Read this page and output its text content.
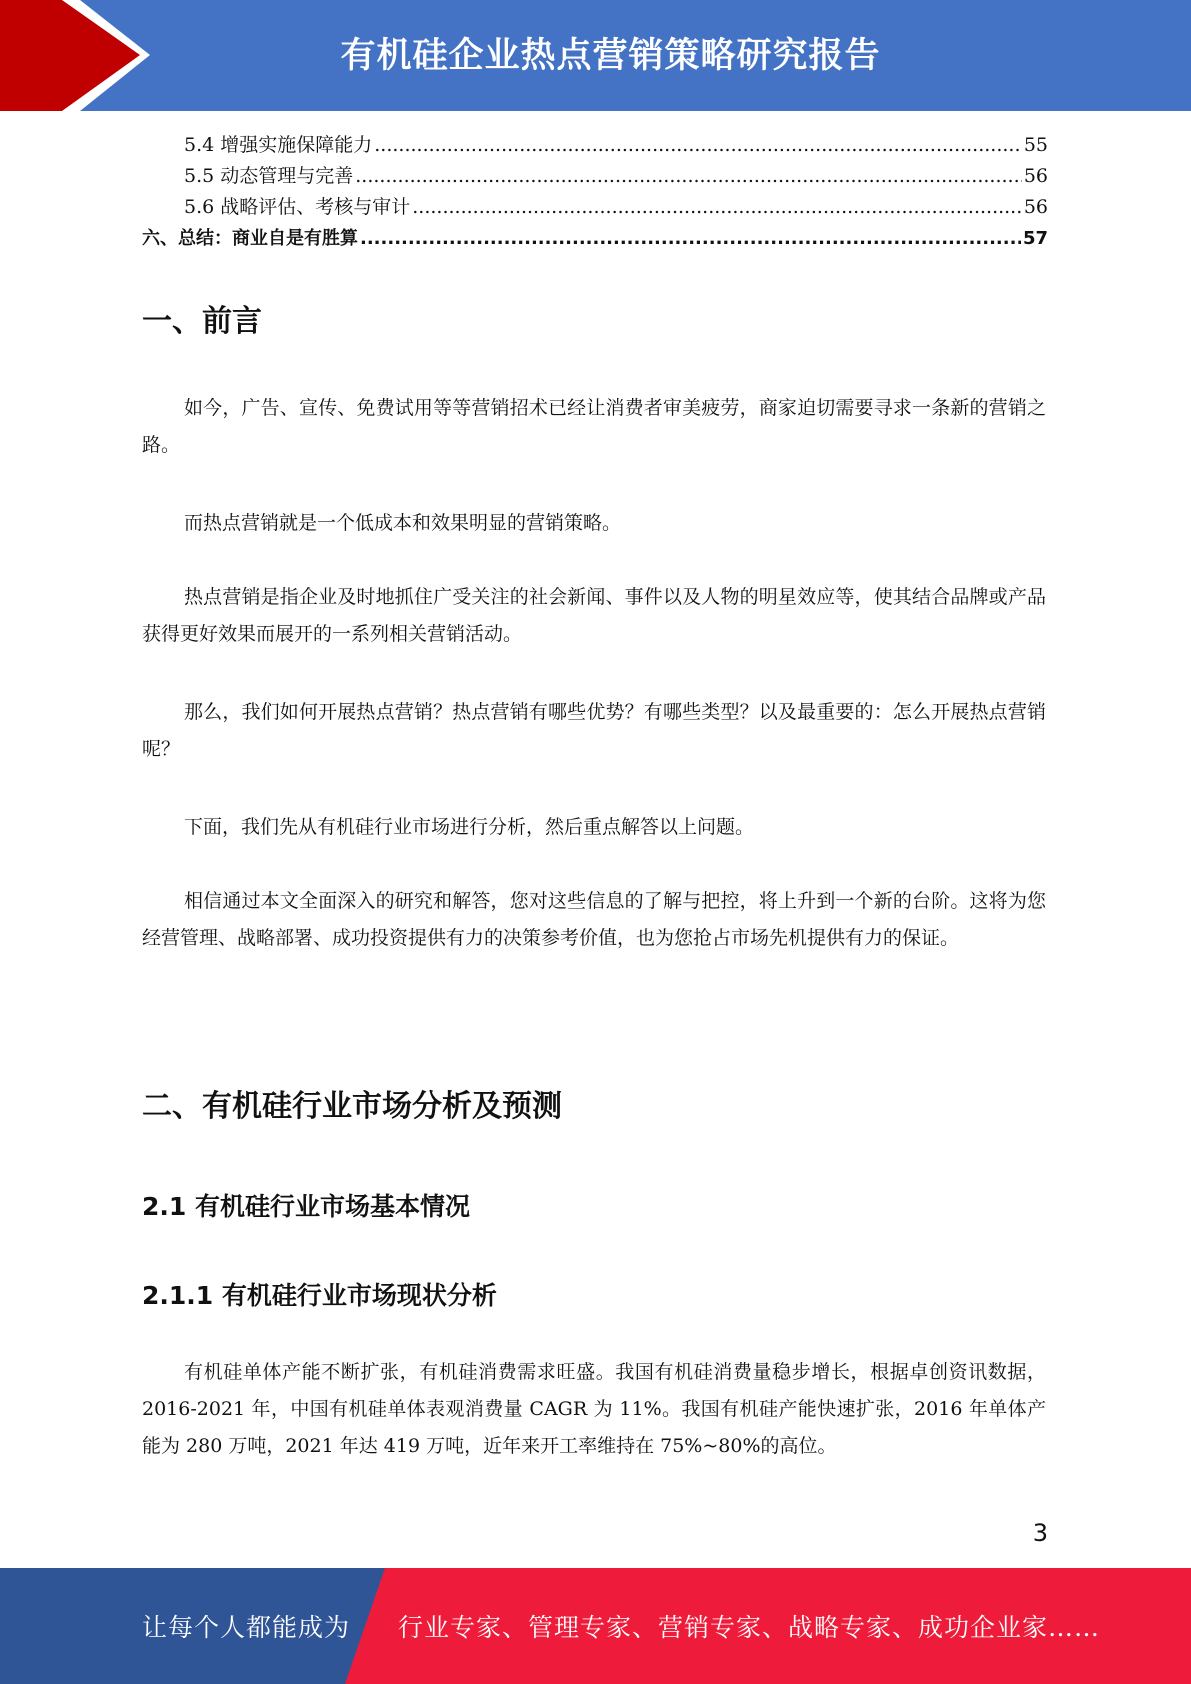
有机硅企业热点营销策略研究报告
5.4 增强实施保障能力 .....	55
5.5 动态管理与完善 .....	56
5.6 战略评估、考核与审计 .....	56
六、总结：商业自是有胜算 .....	57
一、前言

如今，广告、宣传、免费试用等等营销招术已经让消费者审美疲劳，商家迫切需要寻求一条新的营销之路。

而热点营销就是一个低成本和效果明显的营销策略。

热点营销是指企业及时地抓住广受关注的社会新闻、事件以及人物的明星效应等，使其结合品牌或产品获得更好效果而展开的一系列相关营销活动。

那么，我们如何开展热点营销？热点营销有哪些优势？有哪些类型？以及最重要的：怎么开展热点营销呢？

下面，我们先从有机硅行业市场进行分析，然后重点解答以上问题。

相信通过本文全面深入的研究和解答，您对这些信息的了解与把控，将上升到一个新的台阶。这将为您经营管理、战略部署、成功投资提供有力的决策参考价值，也为您抢占市场先机提供有力的保证。

二、有机硅行业市场分析及预测
2.1 有机硅行业市场基本情况
2.1.1 有机硅行业市场现状分析

有机硅单体产能不断扩张，有机硅消费需求旺盛。我国有机硅消费量稳步增长，根据卓创资讯数据，2016-2021 年，中国有机硅单体表观消费量 CAGR 为 11%。我国有机硅产能快速扩张，2016 年单体产能为 280 万吨，2021 年达 419 万吨，近年来开工率维持在 75%~80%的高位。

3
让每个人都能成为 行业专家、管理专家、营销专家、战略专家、成功企业家……
